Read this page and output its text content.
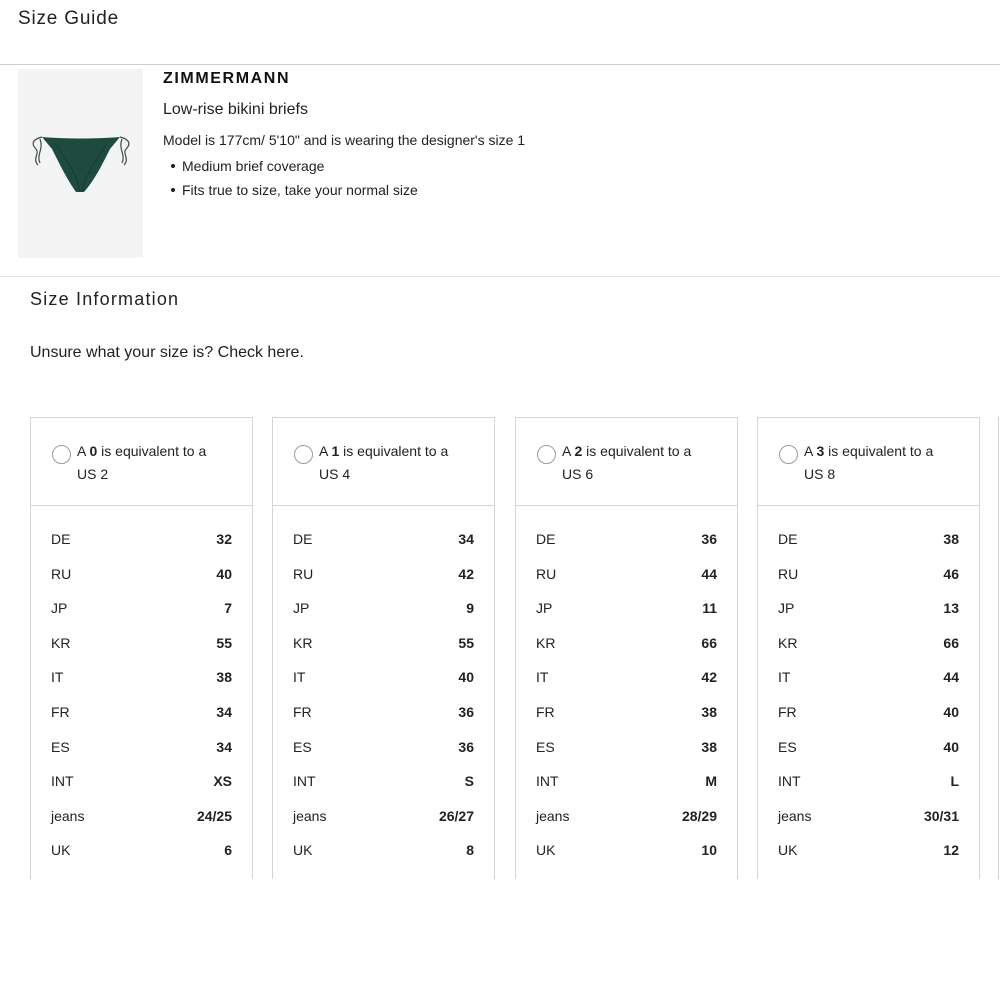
Size Guide
ZIMMERMANN
Low-rise bikini briefs
Model is 177cm/ 5'10" and is wearing the designer's size 1
Medium brief coverage
Fits true to size, take your normal size
Size Information
Unsure what your size is? Check here.
A 0 is equivalent to a
US 2
DE	32
RU	40
JP	7
KR	55
IT	38
FR	34
ES	34
INT	XS
jeans	24/25
UK	6
A 1 is equivalent to a
US 4
DE	34
RU	42
JP	9
KR	55
IT	40
FR	36
ES	36
INT	S
jeans	26/27
UK	8
A 2 is equivalent to a
US 6
DE	36
RU	44
JP	11
KR	66
IT	42
FR	38
ES	38
INT	M
jeans	28/29
UK	10
A 3 is equivalent to a
US 8
DE	38
RU	46
JP	13
KR	66
IT	44
FR	40
ES	40
INT	L
jeans	30/31
UK	12
